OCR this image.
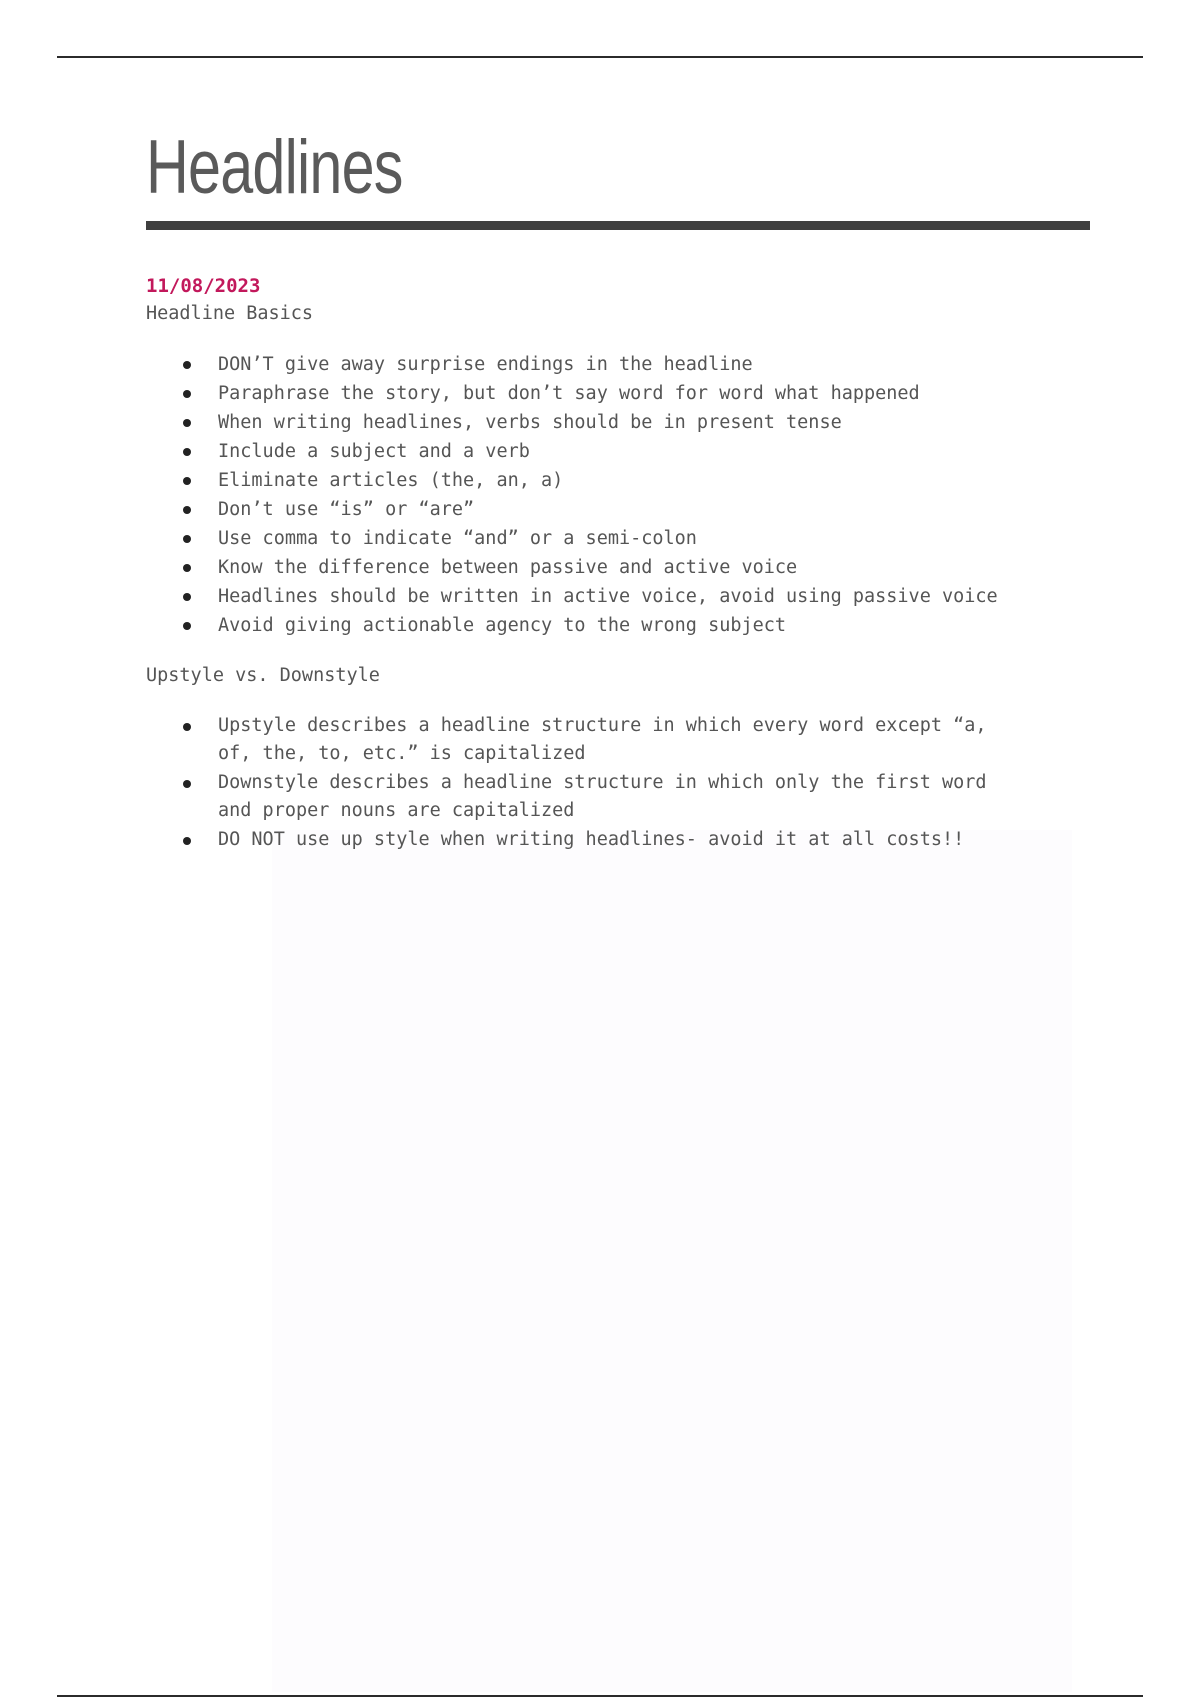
Headlines
11/08/2023
Headline Basics
DON’T give away surprise endings in the headline
Paraphrase the story, but don’t say word for word what happened
When writing headlines, verbs should be in present tense
Include a subject and a verb
Eliminate articles (the, an, a)
Don’t use “is” or “are”
Use comma to indicate “and” or a semi-colon
Know the difference between passive and active voice
Headlines should be written in active voice, avoid using passive voice
Avoid giving actionable agency to the wrong subject
Upstyle vs. Downstyle
Upstyle describes a headline structure in which every word except “a,
of, the, to, etc.” is capitalized
Downstyle describes a headline structure in which only the first word
and proper nouns are capitalized
DO NOT use up style when writing headlines- avoid it at all costs!!
